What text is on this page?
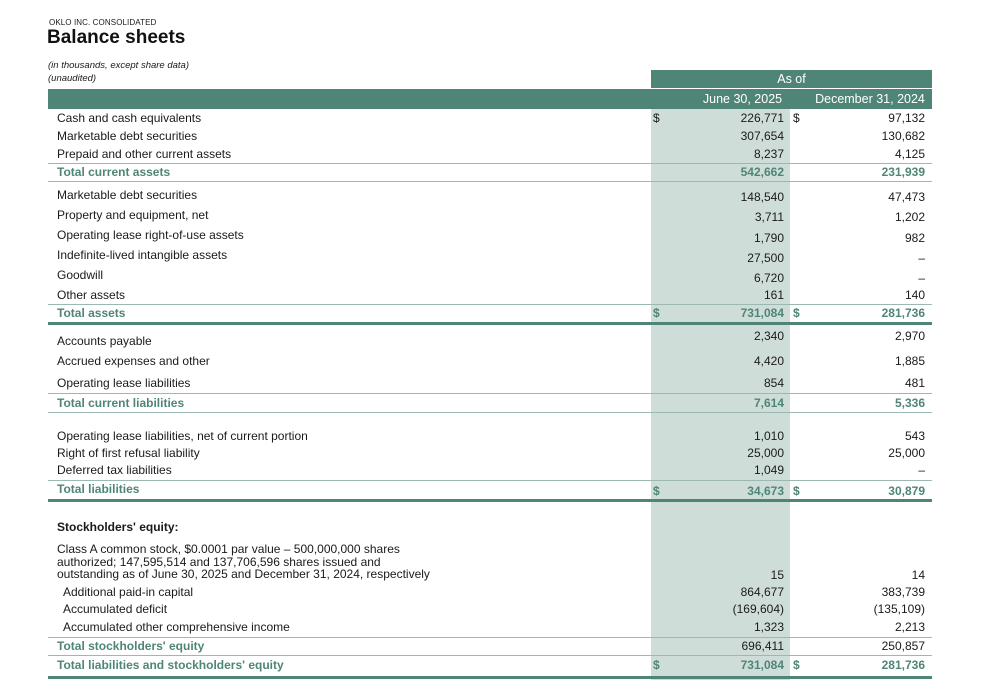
OKLO INC. CONSOLIDATED
Balance sheets
(in thousands, except share data)
(unaudited)	As of
June 30, 2025	December 31, 2024
Cash and cash equivalents	$	226,771 $	97,132
Marketable debt securities	307,654	130,682
Prepaid and other current assets	8,237	4,125
Total current assets	542,662	231,939
Marketable debt securities	148,540	47,473
Property and equipment, net	3,711	1,202
Operating lease right-of-use assets	1,790	982
Indefinite-lived intangible assets	27,500	–
Goodwill	6,720	–
Other assets	161	140
Total assets	$	731,084 $	281,736
Accounts payable	2,340	2,970
Accrued expenses and other	4,420	1,885
Operating lease liabilities	854	481
Total current liabilities	7,614	5,336
Operating lease liabilities, net of current portion	1,010	543
Right of first refusal liability	25,000	25,000
Deferred tax liabilities	1,049	–
Total liabilities	$	34,673 $	30,879
Stockholders' equity:
Class A common stock, $0.0001 par value – 500,000,000 shares
authorized; 147,595,514 and 137,706,596 shares issued and
outstanding as of June 30, 2025 and December 31, 2024, respectively	15	14
Additional paid-in capital	864,677	383,739
Accumulated deficit	(169,604)	(135,109)
Accumulated other comprehensive income	1,323	2,213
Total stockholders' equity	696,411	250,857
Total liabilities and stockholders' equity	$	731,084 $	281,736
